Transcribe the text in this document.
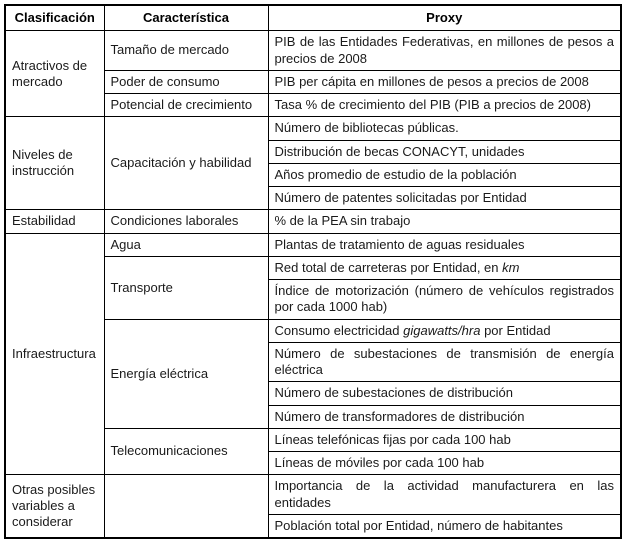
Clasificación	Característica	Proxy
Atractivos de mercado	Tamaño de mercado	PIB de las Entidades Federativas, en millones de pesos a precios de 2008
	Poder de consumo	PIB per cápita en millones de pesos a precios de 2008
	Potencial de crecimiento	Tasa % de crecimiento del PIB (PIB a precios de 2008)
Niveles de instrucción	Capacitación y habilidad	Número de bibliotecas públicas.
		Distribución de becas CONACYT, unidades
		Años promedio de estudio de la población
		Número de patentes solicitadas por Entidad
Estabilidad	Condiciones laborales	% de la PEA sin trabajo
Infraestructura	Agua	Plantas de tratamiento de aguas residuales
	Transporte	Red total de carreteras por Entidad, en km
		Índice de motorización (número de vehículos registrados por cada 1000 hab)
	Energía eléctrica	Consumo electricidad gigawatts/hra por Entidad
		Número de subestaciones de transmisión de energía eléctrica
		Número de subestaciones de distribución
		Número de transformadores de distribución
	Telecomunicaciones	Líneas telefónicas fijas por cada 100 hab
		Líneas de móviles por cada 100 hab
Otras posibles variables a considerar		Importancia de la actividad manufacturera en las entidades
		Población total por Entidad, número de habitantes
